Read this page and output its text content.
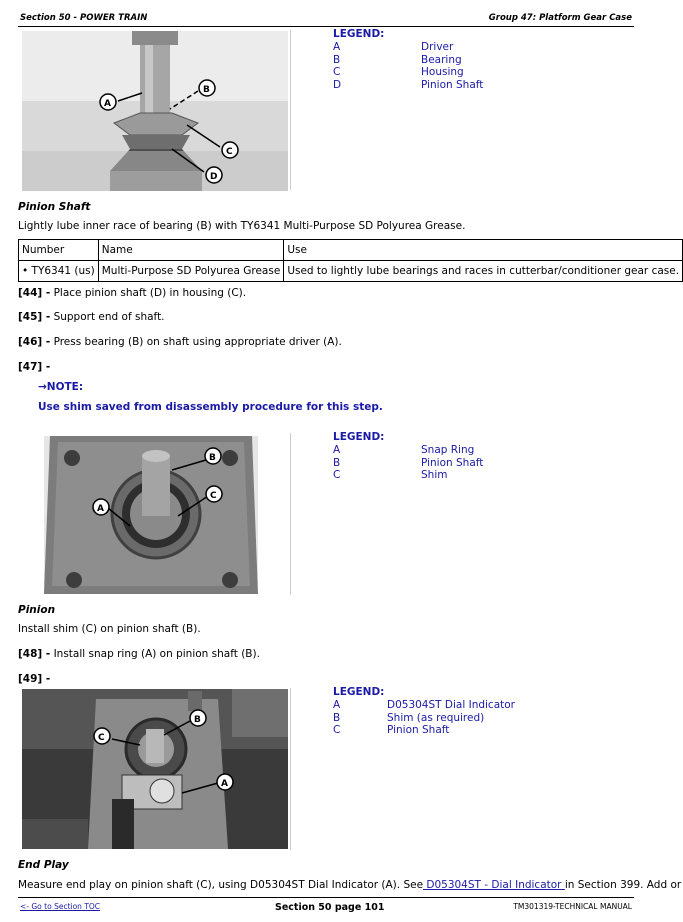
Section 50 - POWER TRAIN	Group 47: Platform Gear Case
A
B
C
D
LEGEND:
A	Driver
B	Bearing
C	Housing
D	Pinion Shaft
Pinion Shaft
Lightly lube inner race of bearing (B) with TY6341 Multi-Purpose SD Polyurea Grease.
Number	Name	Use
• TY6341 (us)	Multi-Purpose SD Polyurea Grease	Used to lightly lube bearings and races in cutterbar/conditioner gear case.
[44] - Place pinion shaft (D) in housing (C).
[45] - Support end of shaft.
[46] - Press bearing (B) on shaft using appropriate driver (A).
[47] -
→NOTE:
Use shim saved from disassembly procedure for this step.
B
C
A
LEGEND:
A	Snap Ring
B	Pinion Shaft
C	Shim
Pinion
Install shim (C) on pinion shaft (B).
[48] - Install snap ring (A) on pinion shaft (B).
[49] -
B
C
A
LEGEND:
A	D05304ST Dial Indicator
B	Shim (as required)
C	Pinion Shaft
End Play
Measure end play on pinion shaft (C), using D05304ST Dial Indicator (A). See D05304ST - Dial Indicator in Section 399. Add or
<- Go to Section TOC	Section 50 page 101	TM301319-TECHNICAL MANUAL
